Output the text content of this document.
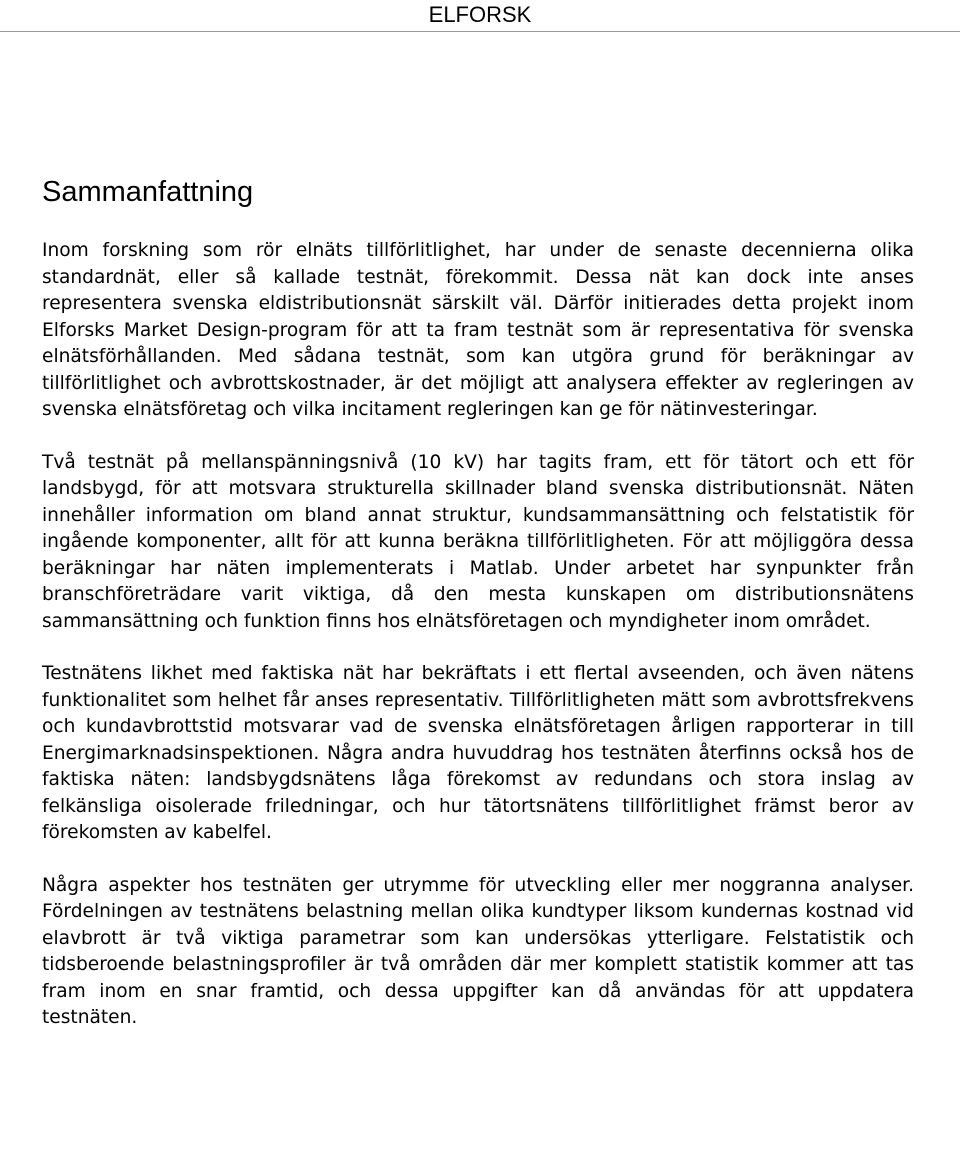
ELFORSK
Sammanfattning

Inom forskning som rör elnäts tillförlitlighet, har under de senaste decennierna olika standardnät, eller så kallade testnät, förekommit. Dessa nät kan dock inte anses representera svenska eldistributionsnät särskilt väl. Därför initierades detta projekt inom Elforsks Market Design-program för att ta fram testnät som är representativa för svenska elnätsförhållanden. Med sådana testnät, som kan utgöra grund för beräkningar av tillförlitlighet och avbrottskostnader, är det möjligt att analysera effekter av regleringen av svenska elnätsföretag och vilka incitament regleringen kan ge för nätinvesteringar.

Två testnät på mellanspänningsnivå (10 kV) har tagits fram, ett för tätort och ett för landsbygd, för att motsvara strukturella skillnader bland svenska distributionsnät. Näten innehåller information om bland annat struktur, kundsammansättning och felstatistik för ingående komponenter, allt för att kunna beräkna tillförlitligheten. För att möjliggöra dessa beräkningar har näten implementerats i Matlab. Under arbetet har synpunkter från branschföreträdare varit viktiga, då den mesta kunskapen om distributionsnätens sammansättning och funktion finns hos elnätsföretagen och myndigheter inom området.

Testnätens likhet med faktiska nät har bekräftats i ett flertal avseenden, och även nätens funktionalitet som helhet får anses representativ. Tillförlitligheten mätt som avbrottsfrekvens och kundavbrottstid motsvarar vad de svenska elnätsföretagen årligen rapporterar in till Energimarknadsinspektionen. Några andra huvuddrag hos testnäten återfinns också hos de faktiska näten: landsbygdsnätens låga förekomst av redundans och stora inslag av felkänsliga oisolerade friledningar, och hur tätortsnätens tillförlitlighet främst beror av förekomsten av kabelfel.

Några aspekter hos testnäten ger utrymme för utveckling eller mer noggranna analyser. Fördelningen av testnätens belastning mellan olika kundtyper liksom kundernas kostnad vid elavbrott är två viktiga parametrar som kan undersökas ytterligare. Felstatistik och tidsberoende belastningsprofiler är två områden där mer komplett statistik kommer att tas fram inom en snar framtid, och dessa uppgifter kan då användas för att uppdatera testnäten.
